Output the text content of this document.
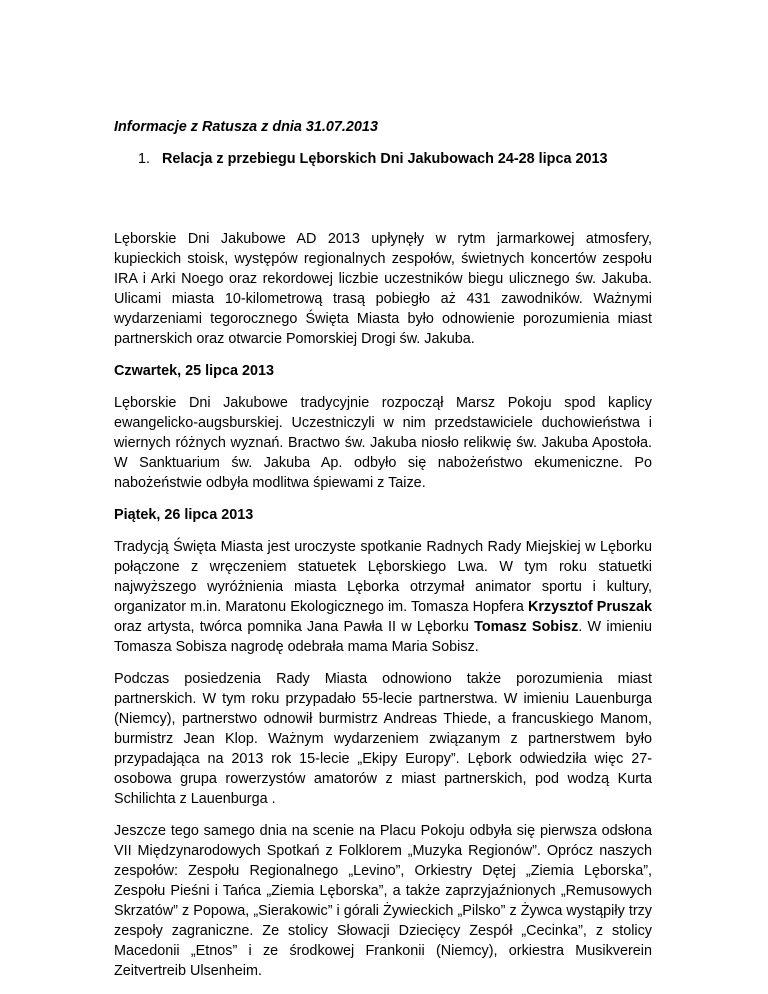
Informacje z Ratusza z dnia 31.07.2013

1. Relacja z przebiegu Lęborskich Dni Jakubowach 24-28 lipca 2013

Lęborskie Dni Jakubowe AD 2013 upłynęły w rytm jarmarkowej atmosfery, kupieckich stoisk, występów regionalnych zespołów, świetnych koncertów zespołu IRA i Arki Noego oraz rekordowej liczbie uczestników biegu ulicznego św. Jakuba. Ulicami miasta 10-kilometrową trasą pobiegło aż 431 zawodników. Ważnymi wydarzeniami tegorocznego Święta Miasta było odnowienie porozumienia miast partnerskich oraz otwarcie Pomorskiej Drogi św. Jakuba.

Czwartek, 25 lipca 2013

Lęborskie Dni Jakubowe tradycyjnie rozpoczął Marsz Pokoju spod kaplicy ewangelicko-augsburskiej. Uczestniczyli w nim przedstawiciele duchowieństwa i wiernych różnych wyznań. Bractwo św. Jakuba niosło relikwię św. Jakuba Apostoła. W Sanktuarium św. Jakuba Ap. odbyło się nabożeństwo ekumeniczne. Po nabożeństwie odbyła modlitwa śpiewami z Taize.

Piątek, 26 lipca 2013

Tradycją Święta Miasta jest uroczyste spotkanie Radnych Rady Miejskiej w Lęborku połączone z wręczeniem statuetek Lęborskiego Lwa. W tym roku statuetki najwyższego wyróżnienia miasta Lęborka otrzymał animator sportu i kultury, organizator m.in. Maratonu Ekologicznego im. Tomasza Hopfera Krzysztof Pruszak oraz artysta, twórca pomnika Jana Pawła II w Lęborku Tomasz Sobisz. W imieniu Tomasza Sobisza nagrodę odebrała mama Maria Sobisz.

Podczas posiedzenia Rady Miasta odnowiono także porozumienia miast partnerskich. W tym roku przypadało 55-lecie partnerstwa. W imieniu Lauenburga (Niemcy), partnerstwo odnowił burmistrz Andreas Thiede, a francuskiego Manom, burmistrz Jean Klop. Ważnym wydarzeniem związanym z partnerstwem było przypadająca na 2013 rok 15-lecie „Ekipy Europy”. Lębork odwiedziła więc 27-osobowa grupa rowerzystów amatorów z miast partnerskich, pod wodzą Kurta Schilichta z Lauenburga .

Jeszcze tego samego dnia na scenie na Placu Pokoju odbyła się pierwsza odsłona VII Międzynarodowych Spotkań z Folklorem „Muzyka Regionów”. Oprócz naszych zespołów: Zespołu Regionalnego „Levino”, Orkiestry Dętej „Ziemia Lęborska”, Zespołu Pieśni i Tańca „Ziemia Lęborska”, a także zaprzyjaźnionych „Remusowych Skrzatów” z Popowa, „Sierakowic” i górali Żywieckich „Pilsko” z Żywca wystąpiły trzy zespoły zagraniczne. Ze stolicy Słowacji Dziecięcy Zespół „Cecinka”, z stolicy Macedonii „Etnos” i ze środkowej Frankonii (Niemcy), orkiestra Musikverein Zeitvertreib Ulsenheim.
